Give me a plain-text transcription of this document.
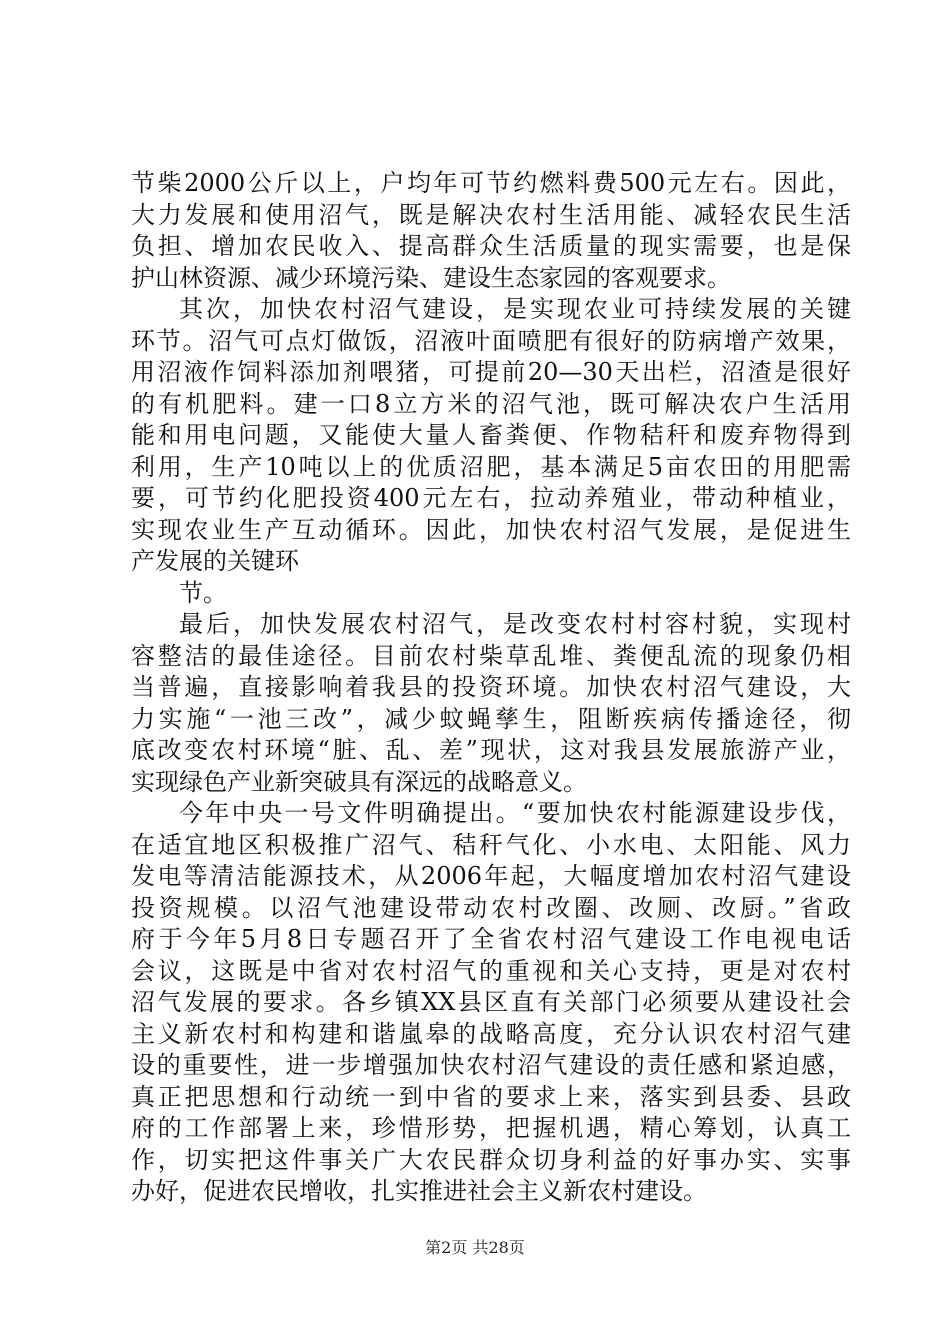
节柴2000公斤以上，户均年可节约燃料费500元左右。因此，
大力发展和使用沼气，既是解决农村生活用能、减轻农民生活
负担、增加农民收入、提高群众生活质量的现实需要，也是保
护山林资源、减少环境污染、建设生态家园的客观要求。
其次，加快农村沼气建设，是实现农业可持续发展的关键
环节。沼气可点灯做饭，沼液叶面喷肥有很好的防病增产效果，
用沼液作饲料添加剂喂猪，可提前20—30天出栏，沼渣是很好
的有机肥料。建一口8立方米的沼气池，既可解决农户生活用
能和用电问题，又能使大量人畜粪便、作物秸秆和废弃物得到
利用，生产10吨以上的优质沼肥，基本满足5亩农田的用肥需
要，可节约化肥投资400元左右，拉动养殖业，带动种植业，
实现农业生产互动循环。因此，加快农村沼气发展，是促进生
产发展的关键环
节。
最后，加快发展农村沼气，是改变农村村容村貌，实现村
容整洁的最佳途径。目前农村柴草乱堆、粪便乱流的现象仍相
当普遍，直接影响着我县的投资环境。加快农村沼气建设，大
力实施“一池三改”，减少蚊蝇孳生，阻断疾病传播途径，彻
底改变农村环境“脏、乱、差”现状，这对我县发展旅游产业，
实现绿色产业新突破具有深远的战略意义。
今年中央一号文件明确提出。“要加快农村能源建设步伐，
在适宜地区积极推广沼气、秸秆气化、小水电、太阳能、风力
发电等清洁能源技术，从2006年起，大幅度增加农村沼气建设
投资规模。以沼气池建设带动农村改圈、改厕、改厨。”省政
府于今年5月8日专题召开了全省农村沼气建设工作电视电话
会议，这既是中省对农村沼气的重视和关心支持，更是对农村
沼气发展的要求。各乡镇XX县区直有关部门必须要从建设社会
主义新农村和构建和谐嵐皋的战略高度，充分认识农村沼气建
设的重要性，进一步增强加快农村沼气建设的责任感和紧迫感，
真正把思想和行动统一到中省的要求上来，落实到县委、县政
府的工作部署上来，珍惜形势，把握机遇，精心筹划，认真工
作，切实把这件事关广大农民群众切身利益的好事办实、实事
办好，促进农民增收，扎实推进社会主义新农村建设。
第2页 共28页
